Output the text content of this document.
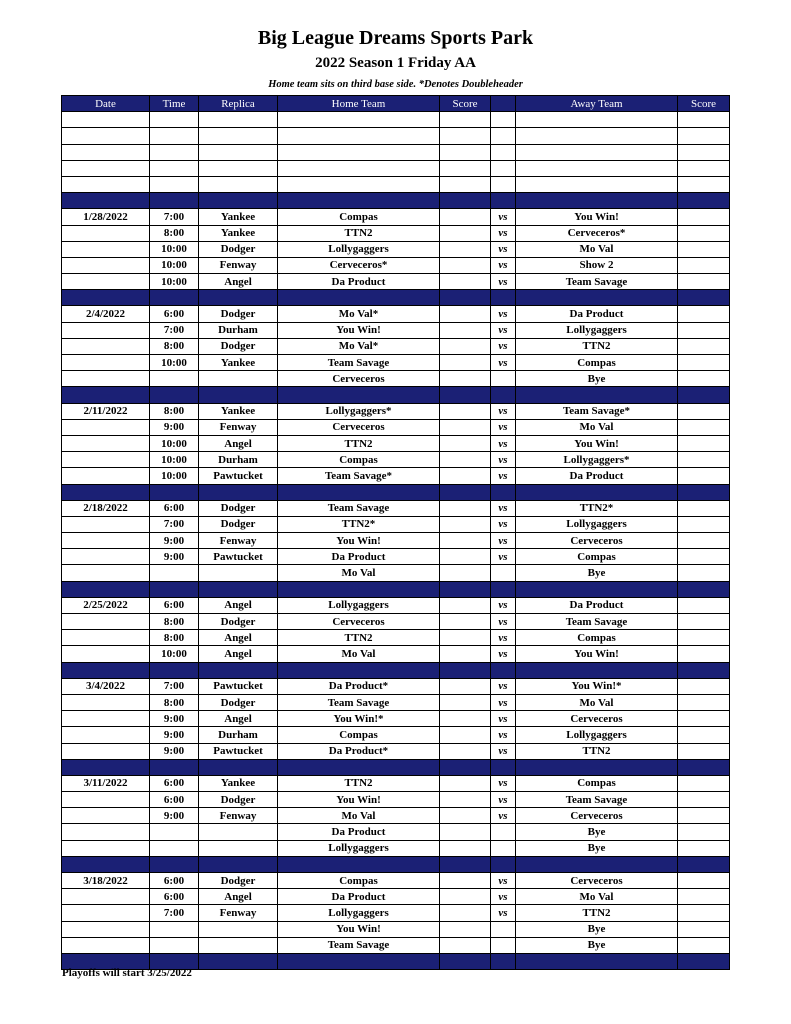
Big League Dreams Sports Park
2022 Season 1 Friday AA
Home team sits on third base side. *Denotes Doubleheader
Date	Time	Replica	Home Team	Score		Away Team	Score

1/28/2022	7:00	Yankee	Compas		vs	You Win!	
	8:00	Yankee	TTN2		vs	Cerveceros*	
	10:00	Dodger	Lollygaggers		vs	Mo Val	
	10:00	Fenway	Cerveceros*		vs	Show 2	
	10:00	Angel	Da Product		vs	Team Savage	

2/4/2022	6:00	Dodger	Mo Val*		vs	Da Product	
	7:00	Durham	You Win!		vs	Lollygaggers	
	8:00	Dodger	Mo Val*		vs	TTN2	
	10:00	Yankee	Team Savage		vs	Compas	
			Cerveceros			Bye	

2/11/2022	8:00	Yankee	Lollygaggers*		vs	Team Savage*	
	9:00	Fenway	Cerveceros		vs	Mo Val	
	10:00	Angel	TTN2		vs	You Win!	
	10:00	Durham	Compas		vs	Lollygaggers*	
	10:00	Pawtucket	Team Savage*		vs	Da Product	

2/18/2022	6:00	Dodger	Team Savage		vs	TTN2*	
	7:00	Dodger	TTN2*		vs	Lollygaggers	
	9:00	Fenway	You Win!		vs	Cerveceros	
	9:00	Pawtucket	Da Product		vs	Compas	
			Mo Val			Bye	

2/25/2022	6:00	Angel	Lollygaggers		vs	Da Product	
	8:00	Dodger	Cerveceros		vs	Team Savage	
	8:00	Angel	TTN2		vs	Compas	
	10:00	Angel	Mo Val		vs	You Win!	

3/4/2022	7:00	Pawtucket	Da Product*		vs	You Win!*	
	8:00	Dodger	Team Savage		vs	Mo Val	
	9:00	Angel	You Win!*		vs	Cerveceros	
	9:00	Durham	Compas		vs	Lollygaggers	
	9:00	Pawtucket	Da Product*		vs	TTN2	

3/11/2022	6:00	Yankee	TTN2		vs	Compas	
	6:00	Dodger	You Win!		vs	Team Savage	
	9:00	Fenway	Mo Val		vs	Cerveceros	
			Da Product			Bye	
			Lollygaggers			Bye	

3/18/2022	6:00	Dodger	Compas		vs	Cerveceros	
	6:00	Angel	Da Product		vs	Mo Val	
	7:00	Fenway	Lollygaggers		vs	TTN2	
			You Win!			Bye	
			Team Savage			Bye	

Playoffs will start 3/25/2022
